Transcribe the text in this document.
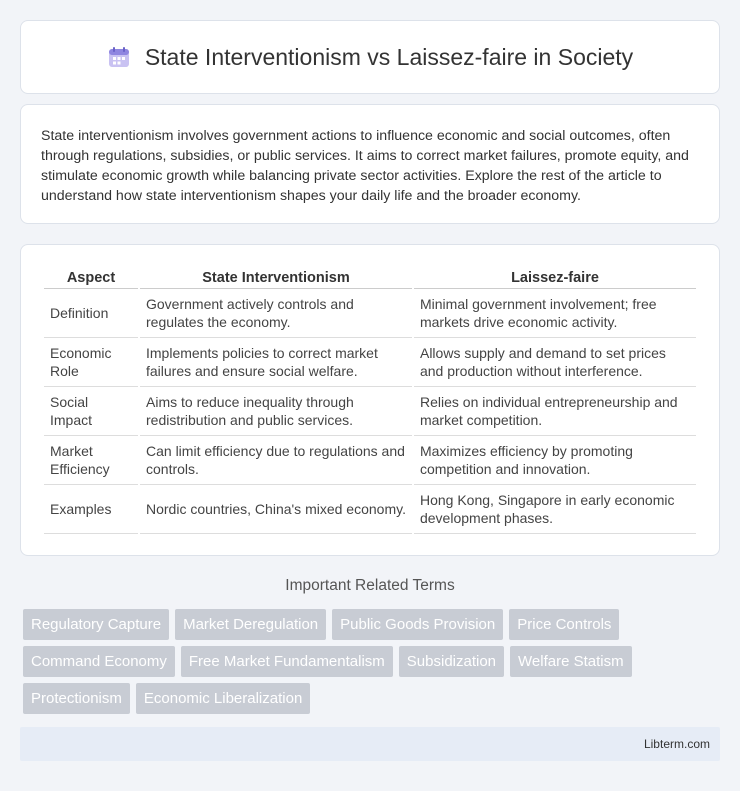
State Interventionism vs Laissez-faire in Society

State interventionism involves government actions to influence economic and social outcomes, often through regulations, subsidies, or public services. It aims to correct market failures, promote equity, and stimulate economic growth while balancing private sector activities. Explore the rest of the article to understand how state interventionism shapes your daily life and the broader economy.

Aspect	State Interventionism	Laissez-faire
Definition	Government actively controls and regulates the economy.	Minimal government involvement; free markets drive economic activity.
Economic Role	Implements policies to correct market failures and ensure social welfare.	Allows supply and demand to set prices and production without interference.
Social Impact	Aims to reduce inequality through redistribution and public services.	Relies on individual entrepreneurship and market competition.
Market Efficiency	Can limit efficiency due to regulations and controls.	Maximizes efficiency by promoting competition and innovation.
Examples	Nordic countries, China's mixed economy.	Hong Kong, Singapore in early economic development phases.
Important Related Terms
Regulatory Capture	Market Deregulation	Public Goods Provision	Price Controls
Command Economy	Free Market Fundamentalism	Subsidization	Welfare Statism
Protectionism	Economic Liberalization
Libterm.com
